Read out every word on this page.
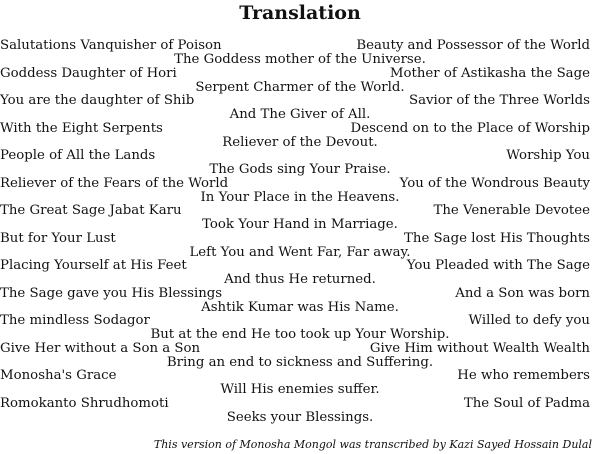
Translation
Salutations Vanquisher of Poison
Goddess Daughter of Hori
You are the daughter of Shib
With the Eight Serpents
People of All the Lands
Reliever of the Fears of the World
The Great Sage Jabat Karu
But for Your Lust
Placing Yourself at His Feet
The Sage gave you His Blessings
The mindless Sodagor
Give Her without a Son a Son
Monosha's Grace
Romokanto Shrudhomoti
Beauty and Possessor of the World
Mother of Astikasha the Sage
Savior of the Three Worlds
Descend on to the Place of Worship
Worship You
You of the Wondrous Beauty
The Venerable Devotee
The Sage lost His Thoughts
You Pleaded with The Sage
And a Son was born
Willed to defy you
Give Him without Wealth Wealth
He who remembers
The Soul of Padma
The Goddess mother of the Universe.
Serpent Charmer of the World.
And The Giver of All.
Reliever of the Devout.
The Gods sing Your Praise.
In Your Place in the Heavens.
Took Your Hand in Marriage.
Left You and Went Far, Far away.
And thus He returned.
Ashtik Kumar was His Name.
But at the end He too took up Your Worship.
Bring an end to sickness and Suffering.
Will His enemies suffer.
Seeks your Blessings.
This version of Monosha Mongol was transcribed by Kazi Sayed Hossain Dulal
